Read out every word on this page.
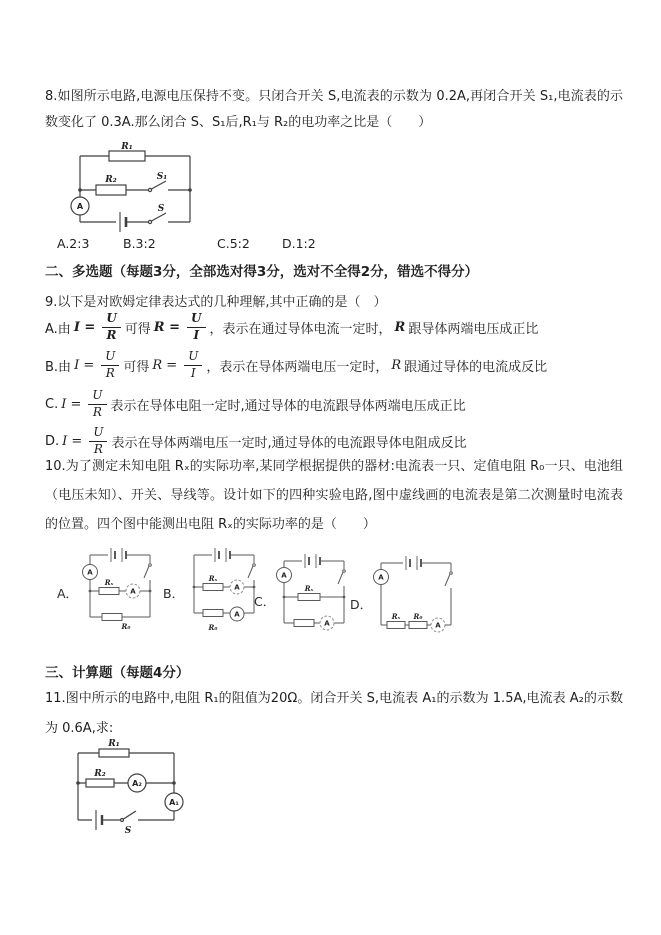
8.如图所示电路,电源电压保持不变。只闭合开关 S,电流表的示数为 0.2A,再闭合开关 S₁,电流表的示数变化了 0.3A.那么闭合 S、S₁后,R₁与 R₂的电功率之比是（　　）
R₁
A
R₂	S₁
S
A.2:3	B.3:2	C.5:2	D.1:2
二、多选题（每题3分，全部选对得3分，选对不全得2分，错选不得分）
9.以下是对欧姆定律表达式的几种理解,其中正确的是（　）
A.由 $I = \frac{U}{R}$ 可得 $R = \frac{U}{I}$ ，表示在通过导体电流一定时， R 跟导体两端电压成正比
B.由 $I = \frac{U}{R}$ 可得 $R = \frac{U}{I}$ ，表示在导体两端电压一定时， R 跟通过导体的电流成反比
C. $I = \frac{U}{R}$ 表示在导体电阻一定时,通过导体的电流跟导体两端电压成正比
D. $I = \frac{U}{R}$ 表示在导体两端电压一定时,通过导体的电流跟导体电阻成反比
10.为了测定未知电阻 Rₓ的实际功率,某同学根据提供的器材:电流表一只、定值电阻 R₀一只、电池组（电压未知）、开关、导线等。设计如下的四种实验电路,图中虚线画的电流表是第二次测量时电流表的位置。四个图中能测出电阻 Rₓ的实际功率的是（　　）
A．
A
Rₓ
A
R₀
B．
Rₓ
A
R₀
A
C．
A
Rₓ
A
D．
A
Rₓ R₀
A
三、计算题（每题4分）
11.图中所示的电路中,电阻 R₁的阻值为20Ω。闭合开关 S,电流表 A₁的示数为 1.5A,电流表 A₂的示数为 0.6A,求:
R₁
R₂
A₂
A₁
S
